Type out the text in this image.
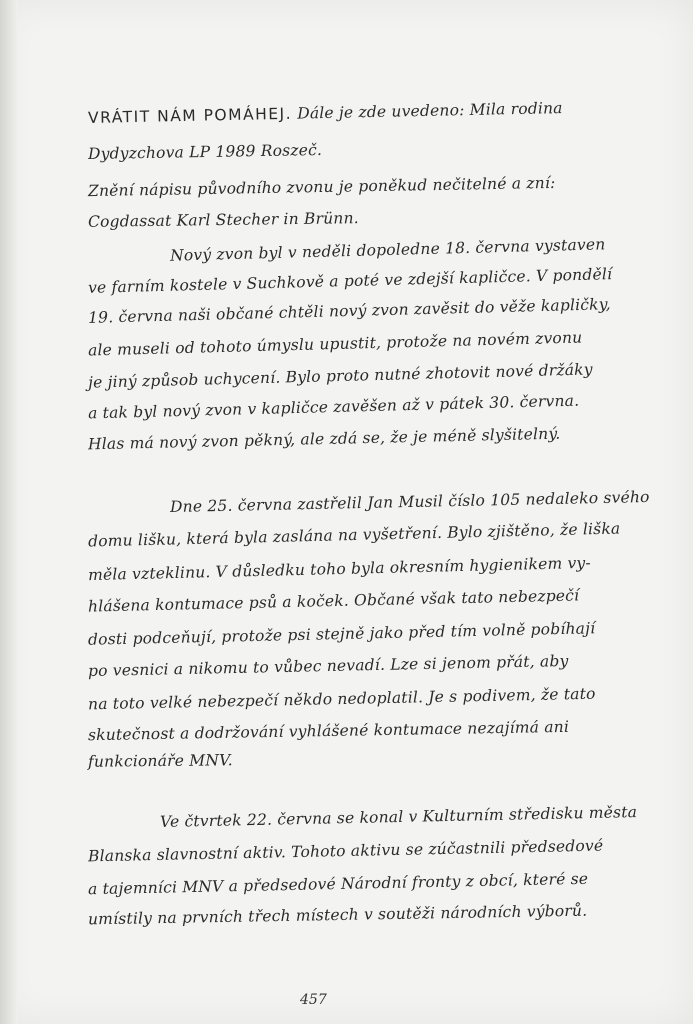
VRÁTIT NÁM POMÁHEJ. Dále je zde uvedeno: Mila rodina
Dydyzchova LP 1989 Roszeč.
Znění nápisu původního zvonu je poněkud nečitelné a zní:
Cogdassat Karl Stecher in Brünn.
Nový zvon byl v neděli dopoledne 18. června vystaven
ve farním kostele v Suchkově a poté ve zdejší kapličce. V pondělí
19. června naši občané chtěli nový zvon zavěsit do věže kapličky,
ale museli od tohoto úmyslu upustit, protože na novém zvonu
je jiný způsob uchycení. Bylo proto nutné zhotovit nové držáky
a tak byl nový zvon v kapličce zavěšen až v pátek 30. června.
Hlas má nový zvon pěkný, ale zdá se, že je méně slyšitelný.
Dne 25. června zastřelil Jan Musil číslo 105 nedaleko svého
domu lišku, která byla zaslána na vyšetření. Bylo zjištěno, že liška
měla vzteklinu. V důsledku toho byla okresním hygienikem vy-
hlášena kontumace psů a koček. Občané však tato nebezpečí
dosti podceňují, protože psi stejně jako před tím volně pobíhají
po vesnici a nikomu to vůbec nevadí. Lze si jenom přát, aby
na toto velké nebezpečí někdo nedoplatil. Je s podivem, že tato
skutečnost a dodržování vyhlášené kontumace nezajímá ani
funkcionáře MNV.
Ve čtvrtek 22. června se konal v Kulturním středisku města
Blanska slavnostní aktiv. Tohoto aktivu se zúčastnili předsedové
a tajemníci MNV a předsedové Národní fronty z obcí, které se
umístily na prvních třech místech v soutěži národních výborů.
457
